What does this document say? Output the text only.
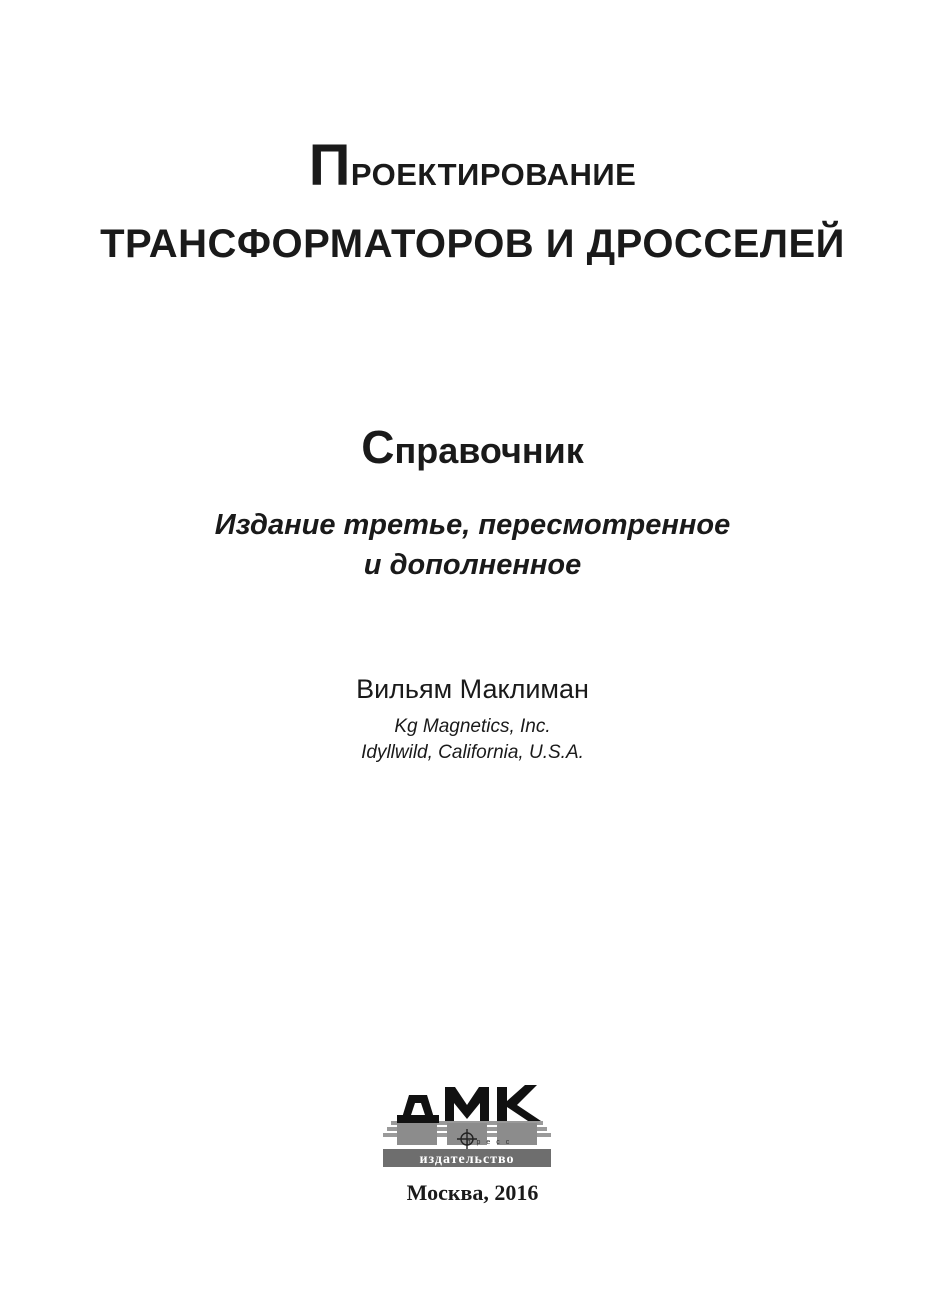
Проектирование
ТРАНСФОРМАТОРОВ И ДРОССЕЛЕЙ
Справочник
Издание третье, пересмотренное
и дополненное
Вильям Маклиман
Kg Magnetics, Inc.
Idyllwild, California, U.S.A.
издательство
пресс
ДМК
Москва, 2016
